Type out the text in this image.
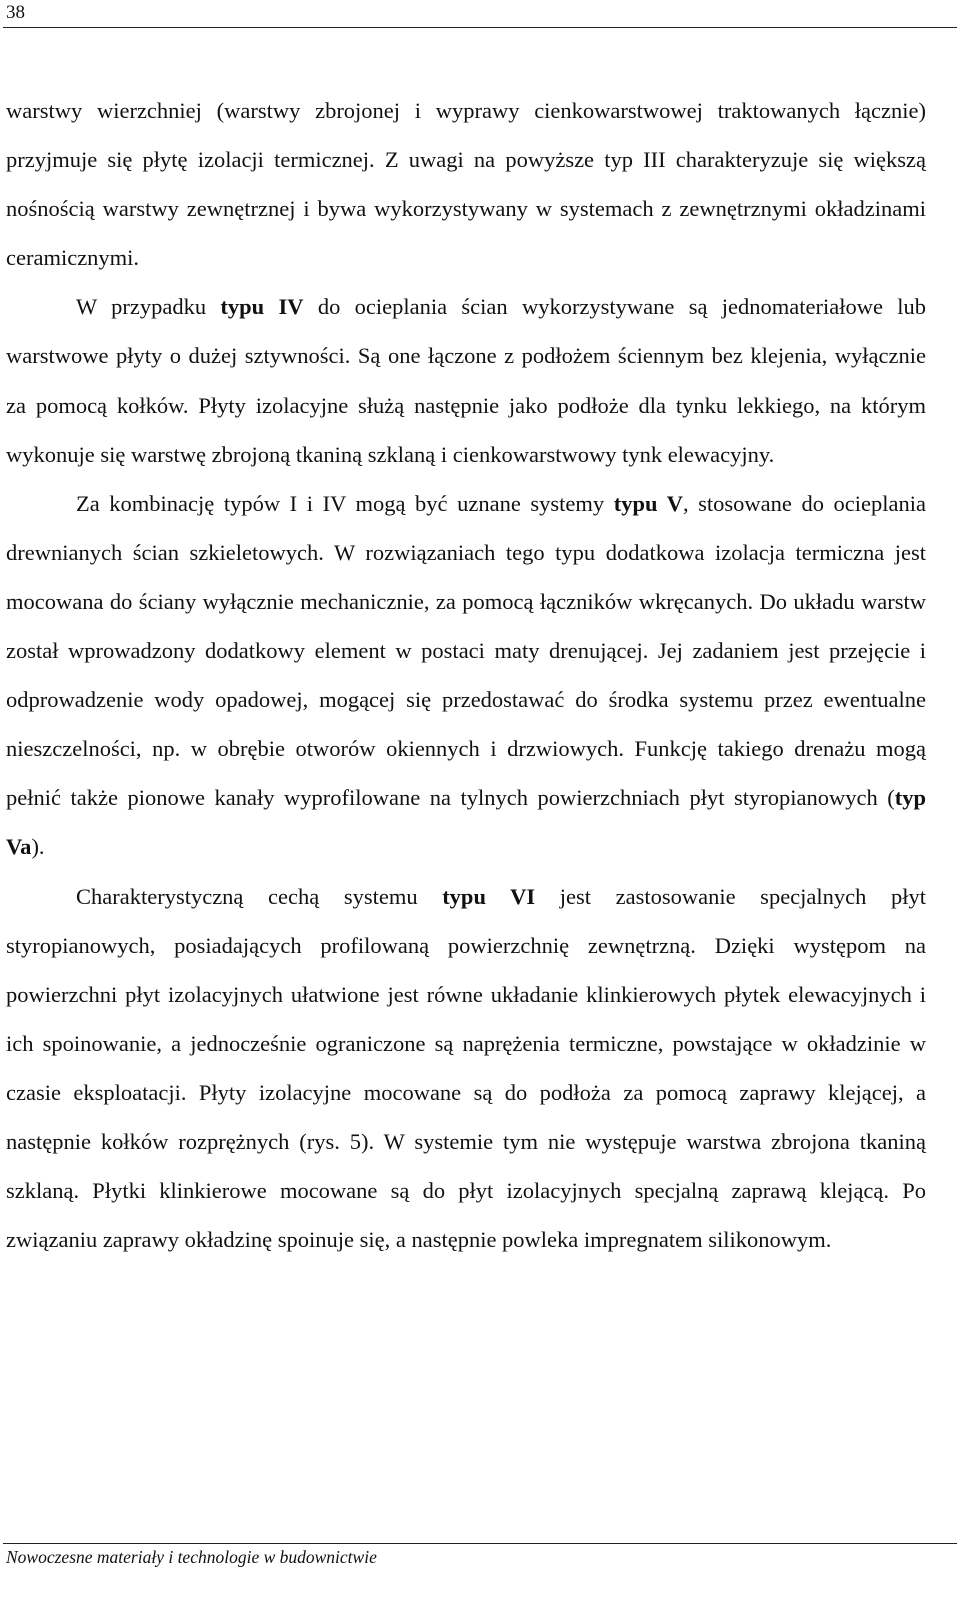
38

warstwy wierzchniej (warstwy zbrojonej i wyprawy cienkowarstwowej traktowanych łącznie) przyjmuje się płytę izolacji termicznej. Z uwagi na powyższe typ III charakteryzuje się większą nośnością warstwy zewnętrznej i bywa wykorzystywany w systemach z zewnętrznymi okładzinami ceramicznymi.

W przypadku typu IV do ocieplania ścian wykorzystywane są jednomateriałowe lub warstwowe płyty o dużej sztywności. Są one łączone z podłożem ściennym bez klejenia, wyłącznie za pomocą kołków. Płyty izolacyjne służą następnie jako podłoże dla tynku lekkiego, na którym wykonuje się warstwę zbrojoną tkaniną szklaną i cienkowarstwowy tynk elewacyjny.

Za kombinację typów I i IV mogą być uznane systemy typu V, stosowane do ocieplania drewnianych ścian szkieletowych. W rozwiązaniach tego typu dodatkowa izolacja termiczna jest mocowana do ściany wyłącznie mechanicznie, za pomocą łączników wkręcanych. Do układu warstw został wprowadzony dodatkowy element w postaci maty drenującej. Jej zadaniem jest przejęcie i odprowadzenie wody opadowej, mogącej się przedostawać do środka systemu przez ewentualne nieszczelności, np. w obrębie otworów okiennych i drzwiowych. Funkcję takiego drenażu mogą pełnić także pionowe kanały wyprofilowane na tylnych powierzchniach płyt styropianowych (typ Va).

Charakterystyczną cechą systemu typu VI jest zastosowanie specjalnych płyt styropianowych, posiadających profilowaną powierzchnię zewnętrzną. Dzięki występom na powierzchni płyt izolacyjnych ułatwione jest równe układanie klinkierowych płytek elewacyjnych i ich spoinowanie, a jednocześnie ograniczone są naprężenia termiczne, powstające w okładzinie w czasie eksploatacji. Płyty izolacyjne mocowane są do podłoża za pomocą zaprawy klejącej, a następnie kołków rozprężnych (rys. 5). W systemie tym nie występuje warstwa zbrojona tkaniną szklaną. Płytki klinkierowe mocowane są do płyt izolacyjnych specjalną zaprawą klejącą. Po związaniu zaprawy okładzinę spoinuje się, a następnie powleka impregnatem silikonowym.

Nowoczesne materiały i technologie w budownictwie
